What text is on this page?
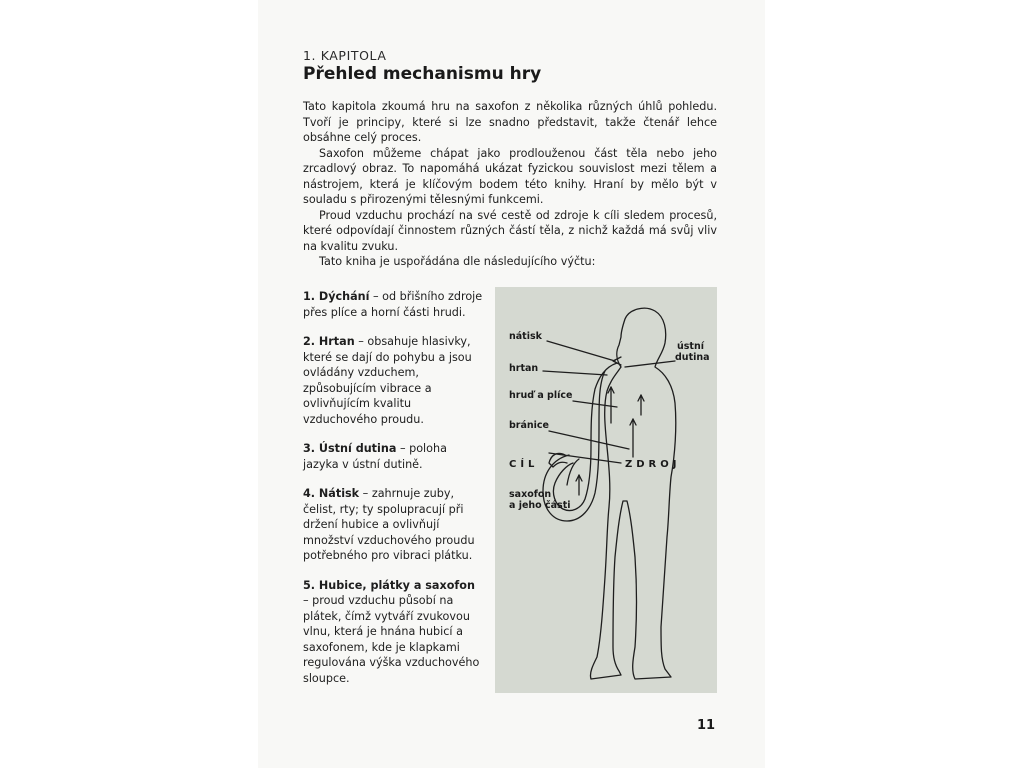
1. KAPITOLA
Přehled mechanismu hry

Tato kapitola zkoumá hru na saxofon z několika různých úhlů pohledu. Tvoří je principy, které si lze snadno představit, takže čtenář lehce obsáhne celý proces.

Saxofon můžeme chápat jako prodlouženou část těla nebo jeho zrcadlový obraz. To napomáhá ukázat fyzickou souvislost mezi tělem a nástrojem, která je klíčovým bodem této knihy. Hraní by mělo být v souladu s přirozenými tělesnými funkcemi.

Proud vzduchu prochází na své cestě od zdroje k cíli sledem procesů, které odpovídají činnostem různých částí těla, z nichž každá má svůj vliv na kvalitu zvuku.

Tato kniha je uspořádána dle následujícího výčtu:

1. Dýchání – od břišního zdroje přes plíce a horní části hrudi.
2. Hrtan – obsahuje hlasivky, které se dají do pohybu a jsou ovládány vzduchem, způsobujícím vibrace a ovlivňujícím kvalitu vzduchového proudu.
3. Ústní dutina – poloha jazyka v ústní dutině.
4. Nátisk – zahrnuje zuby, čelist, rty; ty spolupracují při držení hubice a ovlivňují množství vzduchového proudu potřebného pro vibraci plátku.
5. Hubice, plátky a saxofon – proud vzduchu působí na plátek, čímž vytváří zvukovou vlnu, která je hnána hubicí a saxofonem, kde je klapkami regulována výška vzduchového sloupce.
nátisk
ústní
dutina
hrtan
hruď a plíce
bránice
CÍL	ZDROJ
saxofon
a jeho části
11
